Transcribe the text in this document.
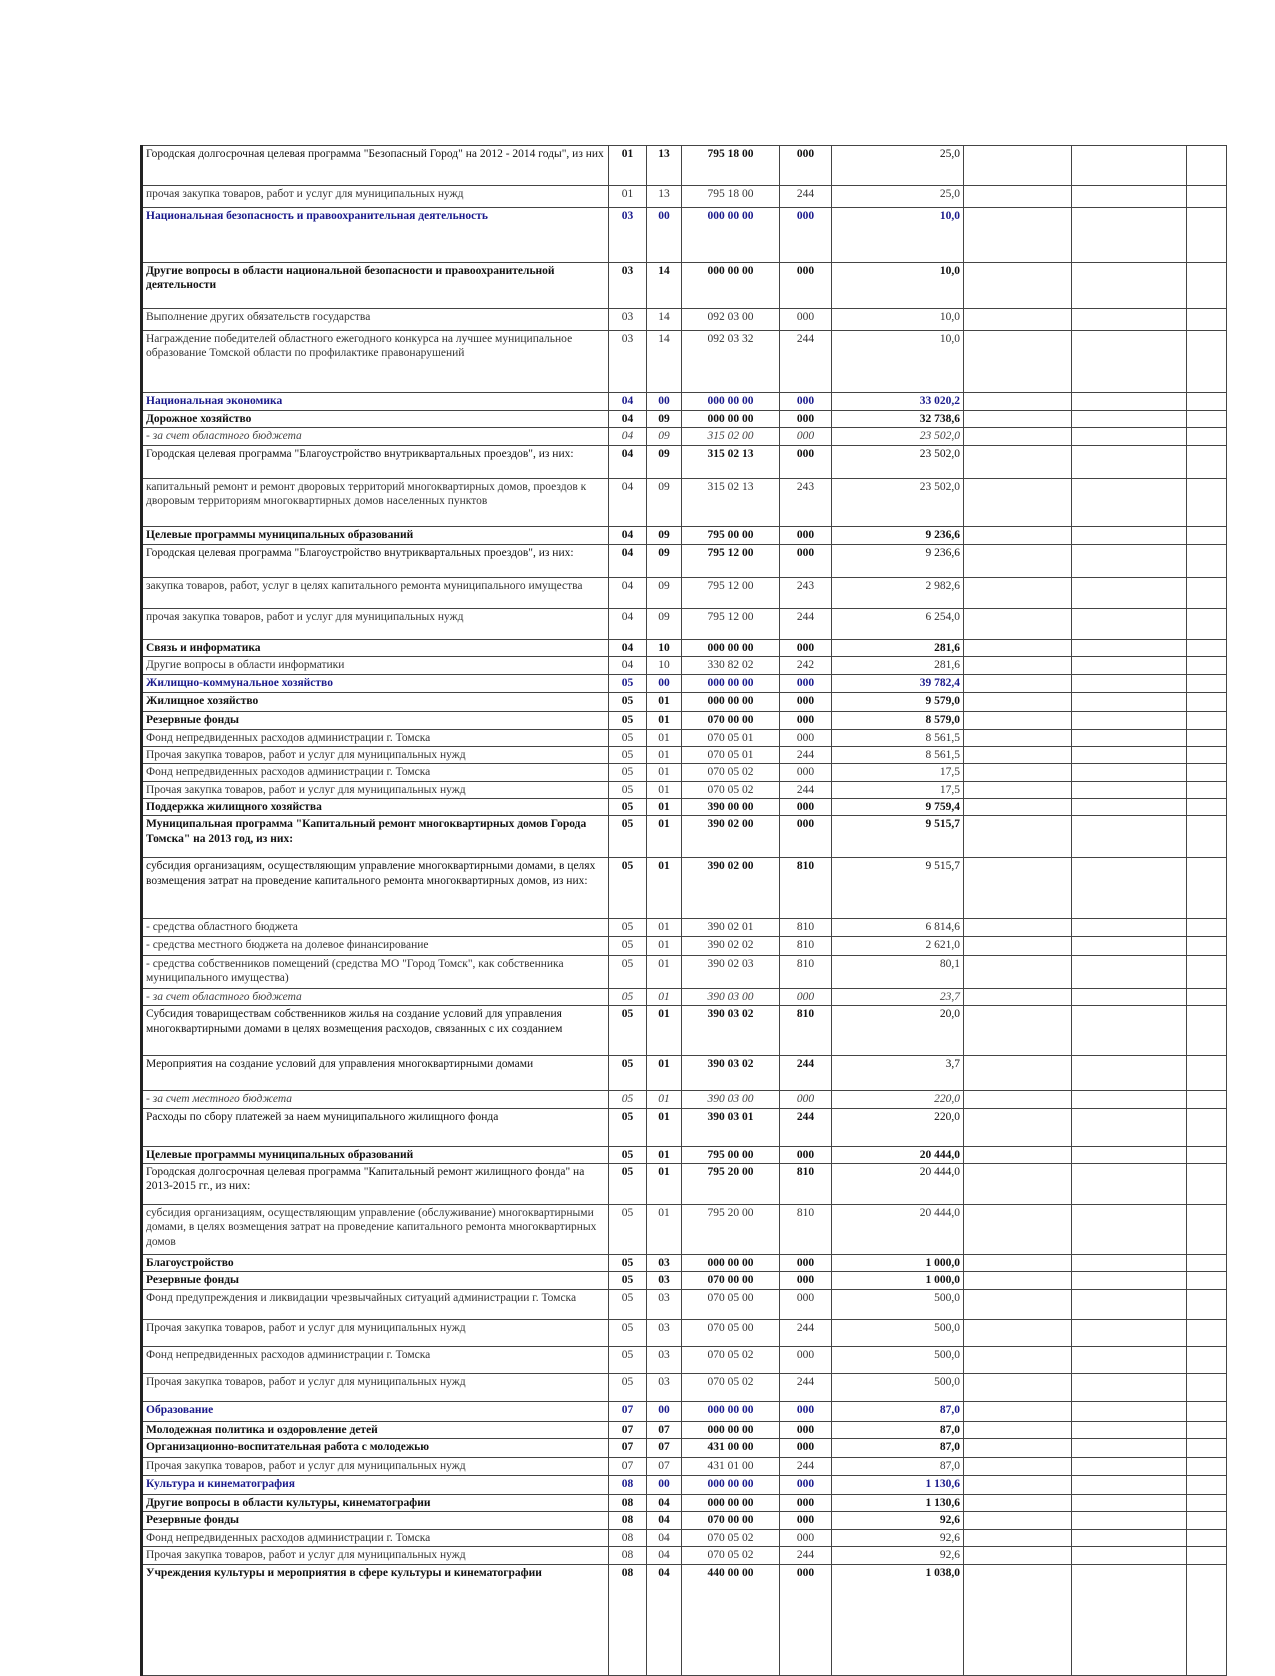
Городская долгосрочная целевая программа "Безопасный Город" на 2012 - 2014 годы", из них	01	13	795 18 00	000	25,0			
прочая закупка товаров, работ и услуг для муниципальных нужд	01	13	795 18 00	244	25,0			
Национальная безопасность и правоохранительная деятельность	03	00	000 00 00	000	10,0			
Другие вопросы в области национальной безопасности и правоохранительной деятельности	03	14	000 00 00	000	10,0			
Выполнение других обязательств государства	03	14	092 03 00	000	10,0			
Награждение победителей областного ежегодного конкурса на лучшее муниципальное образование Томской области по профилактике правонарушений	03	14	092 03 32	244	10,0			
Национальная экономика	04	00	000 00 00	000	33 020,2			
Дорожное хозяйство	04	09	000 00 00	000	32 738,6			
- за счет областного бюджета	04	09	315 02 00	000	23 502,0			
Городская целевая программа "Благоустройство внутриквартальных проездов", из них:	04	09	315 02 13	000	23 502,0			
капитальный ремонт и ремонт дворовых территорий многоквартирных домов, проездов к дворовым территориям многоквартирных домов населенных пунктов	04	09	315 02 13	243	23 502,0			
Целевые программы муниципальных образований	04	09	795 00 00	000	9 236,6			
Городская целевая программа "Благоустройство внутриквартальных проездов", из них:	04	09	795 12 00	000	9 236,6			
закупка товаров, работ, услуг в целях капитального ремонта муниципального имущества	04	09	795 12 00	243	2 982,6			
прочая закупка товаров, работ и услуг для муниципальных нужд	04	09	795 12 00	244	6 254,0			
Связь и информатика	04	10	000 00 00	000	281,6			
Другие вопросы в области информатики	04	10	330 82 02	242	281,6			
Жилищно-коммунальное хозяйство	05	00	000 00 00	000	39 782,4			
Жилищное хозяйство	05	01	000 00 00	000	9 579,0			
Резервные фонды	05	01	070 00 00	000	8 579,0			
Фонд непредвиденных расходов администрации г. Томска	05	01	070 05 01	000	8 561,5			
Прочая закупка товаров, работ и услуг для муниципальных нужд	05	01	070 05 01	244	8 561,5			
Фонд непредвиденных расходов администрации г. Томска	05	01	070 05 02	000	17,5			
Прочая закупка товаров, работ и услуг для муниципальных нужд	05	01	070 05 02	244	17,5			
Поддержка жилищного хозяйства	05	01	390 00 00	000	9 759,4			
Муниципальная программа "Капитальный ремонт многоквартирных домов Города Томска" на 2013 год, из них:	05	01	390 02 00	000	9 515,7			
субсидия организациям, осуществляющим управление многоквартирными домами, в целях возмещения затрат на проведение капитального ремонта многоквартирных домов, из них:	05	01	390 02 00	810	9 515,7			
- средства областного бюджета	05	01	390 02 01	810	6 814,6			
- средства местного бюджета на долевое финансирование	05	01	390 02 02	810	2 621,0			
- средства собственников помещений (средства МО "Город Томск", как собственника муниципального имущества)	05	01	390 02 03	810	80,1			
- за счет областного бюджета	05	01	390 03 00	000	23,7			
Субсидия товариществам собственников жилья на создание условий для управления многоквартирными домами в целях возмещения расходов, связанных с их созданием	05	01	390 03 02	810	20,0			
Мероприятия на создание условий для управления многоквартирными домами	05	01	390 03 02	244	3,7			
- за счет местного бюджета	05	01	390 03 00	000	220,0			
Расходы по сбору платежей за наем муниципального жилищного фонда	05	01	390 03 01	244	220,0			
Целевые программы муниципальных образований	05	01	795 00 00	000	20 444,0			
Городская долгосрочная целевая программа "Капитальный ремонт жилищного фонда" на 2013-2015 гг., из них:	05	01	795 20 00	810	20 444,0			
субсидия организациям, осуществляющим управление (обслуживание) многоквартирными домами, в целях возмещения затрат на проведение капитального ремонта многоквартирных домов	05	01	795 20 00	810	20 444,0			
Благоустройство	05	03	000 00 00	000	1 000,0			
Резервные фонды	05	03	070 00 00	000	1 000,0			
Фонд предупреждения и ликвидации чрезвычайных ситуаций администрации г. Томска	05	03	070 05 00	000	500,0			
Прочая закупка товаров, работ и услуг для муниципальных нужд	05	03	070 05 00	244	500,0			
Фонд непредвиденных расходов администрации г. Томска	05	03	070 05 02	000	500,0			
Прочая закупка товаров, работ и услуг для муниципальных нужд	05	03	070 05 02	244	500,0			
Образование	07	00	000 00 00	000	87,0			
Молодежная политика и оздоровление детей	07	07	000 00 00	000	87,0			
Организационно-воспитательная работа с молодежью	07	07	431 00 00	000	87,0			
Прочая закупка товаров, работ и услуг для муниципальных нужд	07	07	431 01 00	244	87,0			
Культура и кинематография	08	00	000 00 00	000	1 130,6			
Другие вопросы в области культуры, кинематографии	08	04	000 00 00	000	1 130,6			
Резервные фонды	08	04	070 00 00	000	92,6			
Фонд непредвиденных расходов администрации г. Томска	08	04	070 05 02	000	92,6			
Прочая закупка товаров, работ и услуг для муниципальных нужд	08	04	070 05 02	244	92,6			
Учреждения культуры и мероприятия в сфере культуры и кинематографии	08	04	440 00 00	000	1 038,0			
